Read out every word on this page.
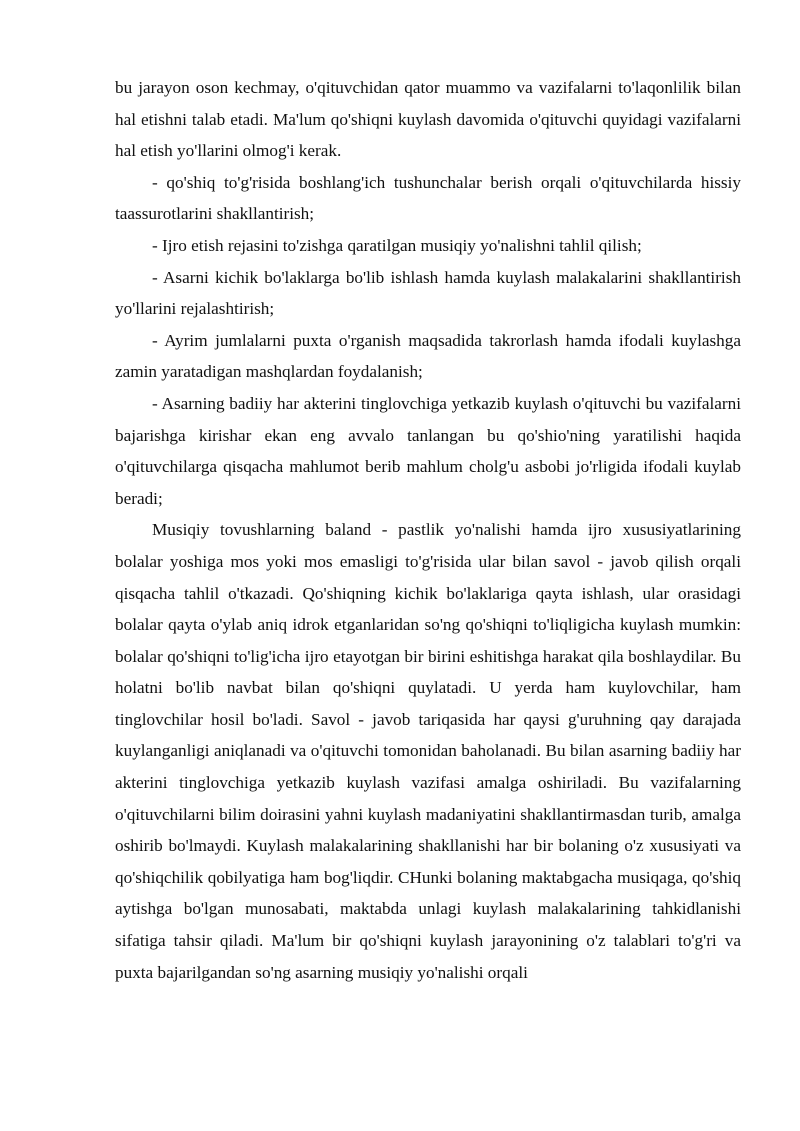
bu jarayon oson kechmay, o'qituvchidan qator muammo va vazifalarni to'laqonlilik bilan hal etishni talab etadi. Ma'lum qo'shiqni kuylash davomida o'qituvchi quyidagi vazifalarni hal etish yo'llarini olmog'i kerak.

- qo'shiq to'g'risida boshlang'ich tushunchalar berish orqali o'qituvchilarda hissiy taassurotlarini shakllantirish;

- Ijro etish rejasini to'zishga qaratilgan musiqiy yo'nalishni tahlil qilish;

- Asarni kichik bo'laklarga bo'lib ishlash hamda kuylash malakalarini shakllantirish yo'llarini rejalashtirish;

- Ayrim jumlalarni puxta o'rganish maqsadida takrorlash hamda ifodali kuylashga zamin yaratadigan mashqlardan foydalanish;

- Asarning badiiy har akterini tinglovchiga yetkazib kuylash o'qituvchi bu vazifalarni bajarishga kirishar ekan eng avvalo tanlangan bu qo'shio'ning yaratilishi haqida o'qituvchilarga qisqacha mahlumot berib mahlum cholg'u asbobi jo'rligida ifodali kuylab beradi;

Musiqiy tovushlarning baland - pastlik yo'nalishi hamda ijro xususiyatlarining bolalar yoshiga mos yoki mos emasligi to'g'risida ular bilan savol - javob qilish orqali qisqacha tahlil o'tkazadi. Qo'shiqning kichik bo'laklariga qayta ishlash, ular orasidagi bolalar qayta o'ylab aniq idrok etganlaridan so'ng qo'shiqni to'liqligicha kuylash mumkin: bolalar qo'shiqni to'lig'icha ijro etayotgan bir birini eshitishga harakat qila boshlaydilar. Bu holatni bo'lib navbat bilan qo'shiqni quylatadi. U yerda ham kuylovchilar, ham tinglovchilar hosil bo'ladi. Savol - javob tariqasida har qaysi g'uruhning qay darajada kuylanganligi aniqlanadi va o'qituvchi tomonidan baholanadi. Bu bilan asarning badiiy har akterini tinglovchiga yetkazib kuylash vazifasi amalga oshiriladi. Bu vazifalarning o'qituvchilarni bilim doirasini yahni kuylash madaniyatini shakllantirmasdan turib, amalga oshirib bo'lmaydi. Kuylash malakalarining shakllanishi har bir bolaning o'z xususiyati va qo'shiqchilik qobilyatiga ham bog'liqdir. CHunki bolaning maktabgacha musiqaga, qo'shiq aytishga bo'lgan munosabati, maktabda unlagi kuylash malakalarining tahkidlanishi sifatiga tahsir qiladi. Ma'lum bir qo'shiqni kuylash jarayonining o'z talablari to'g'ri va puxta bajarilgandan so'ng asarning musiqiy yo'nalishi orqali
